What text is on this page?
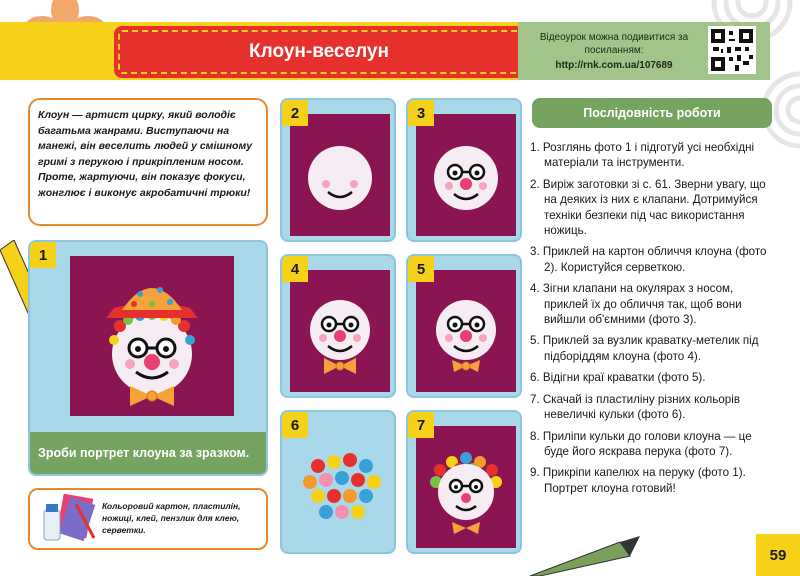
Клоун-веселун
Відеоурок можна подивитися за посиланням:
http://rnk.com.ua/107689
Клоун — артист цирку, який володіє багатьма жанрами. Виступаючи на манежі, він веселить людей у смішному гримі з перукою і прикріпленим носом. Проте, жартуючи, він показує фокуси, жонглює і виконує акробатичні трюки!
1
Зроби портрет клоуна за зразком.
2	3
4	5
6	7
Кольоровий картон, пластилін, ножиці, клей, пензлик для клею, серветки.
Послідовність роботи
1. Розглянь фото 1 і підготуй усі необхідні матеріали та інструменти.
2. Виріж заготовки зі с. 61. Зверни увагу, що на деяких із них є клапани. Дотримуйся техніки безпеки під час використання ножиць.
3. Приклей на картон обличчя клоуна (фото 2). Користуйся серветкою.
4. Зігни клапани на окулярах з носом, приклей їх до обличчя так, щоб вони вийшли об'ємними (фото 3).
5. Приклей за вузлик краватку-метелик під підборіддям клоуна (фото 4).
6. Відігни краї краватки (фото 5).
7. Скачай із пластиліну різних кольорів невеличкі кульки (фото 6).
8. Приліпи кульки до голови клоуна — це буде його яскрава перука (фото 7).
9. Прикріпи капелюх на перуку (фото 1). Портрет клоуна готовий!
59
